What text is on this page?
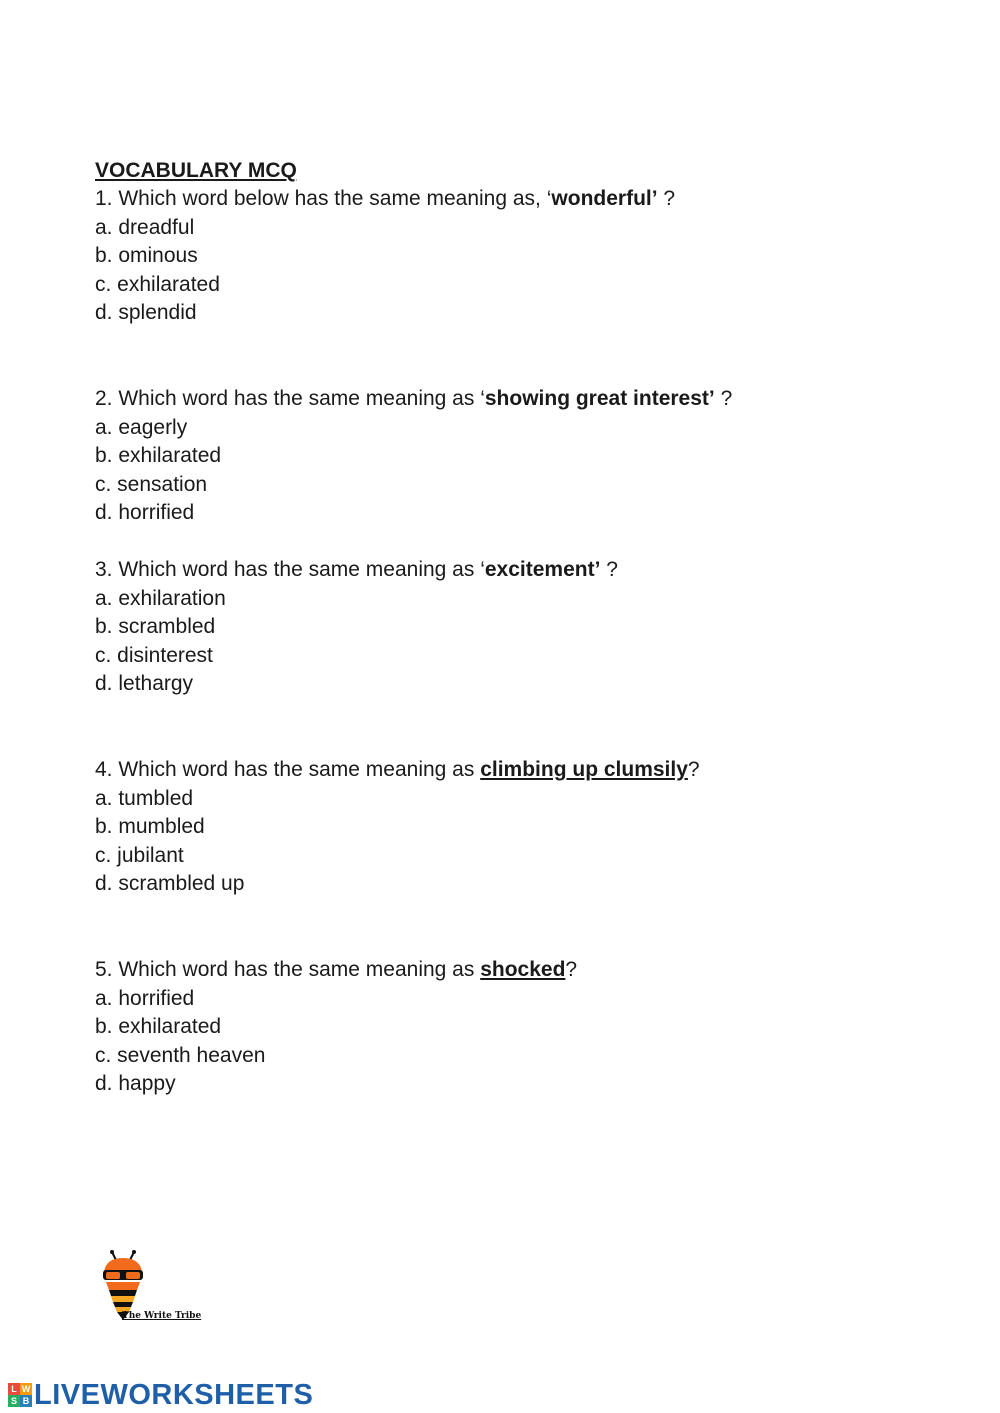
VOCABULARY MCQ
1. Which word below has the same meaning as, ‘wonderful’ ?
a. dreadful
b. ominous
c. exhilarated
d. splendid
2. Which word has the same meaning as ‘showing great interest’ ?
a. eagerly
b. exhilarated
c. sensation
d. horrified
3. Which word has the same meaning as ‘excitement’ ?
a. exhilaration
b. scrambled
c. disinterest
d. lethargy
4. Which word has the same meaning as climbing up clumsily?
a. tumbled
b. mumbled
c. jubilant
d. scrambled up
5. Which word has the same meaning as shocked?
a. horrified
b. exhilarated
c. seventh heaven
d. happy
The Write Tribe
L W
S B LIVEWORKSHEETS
